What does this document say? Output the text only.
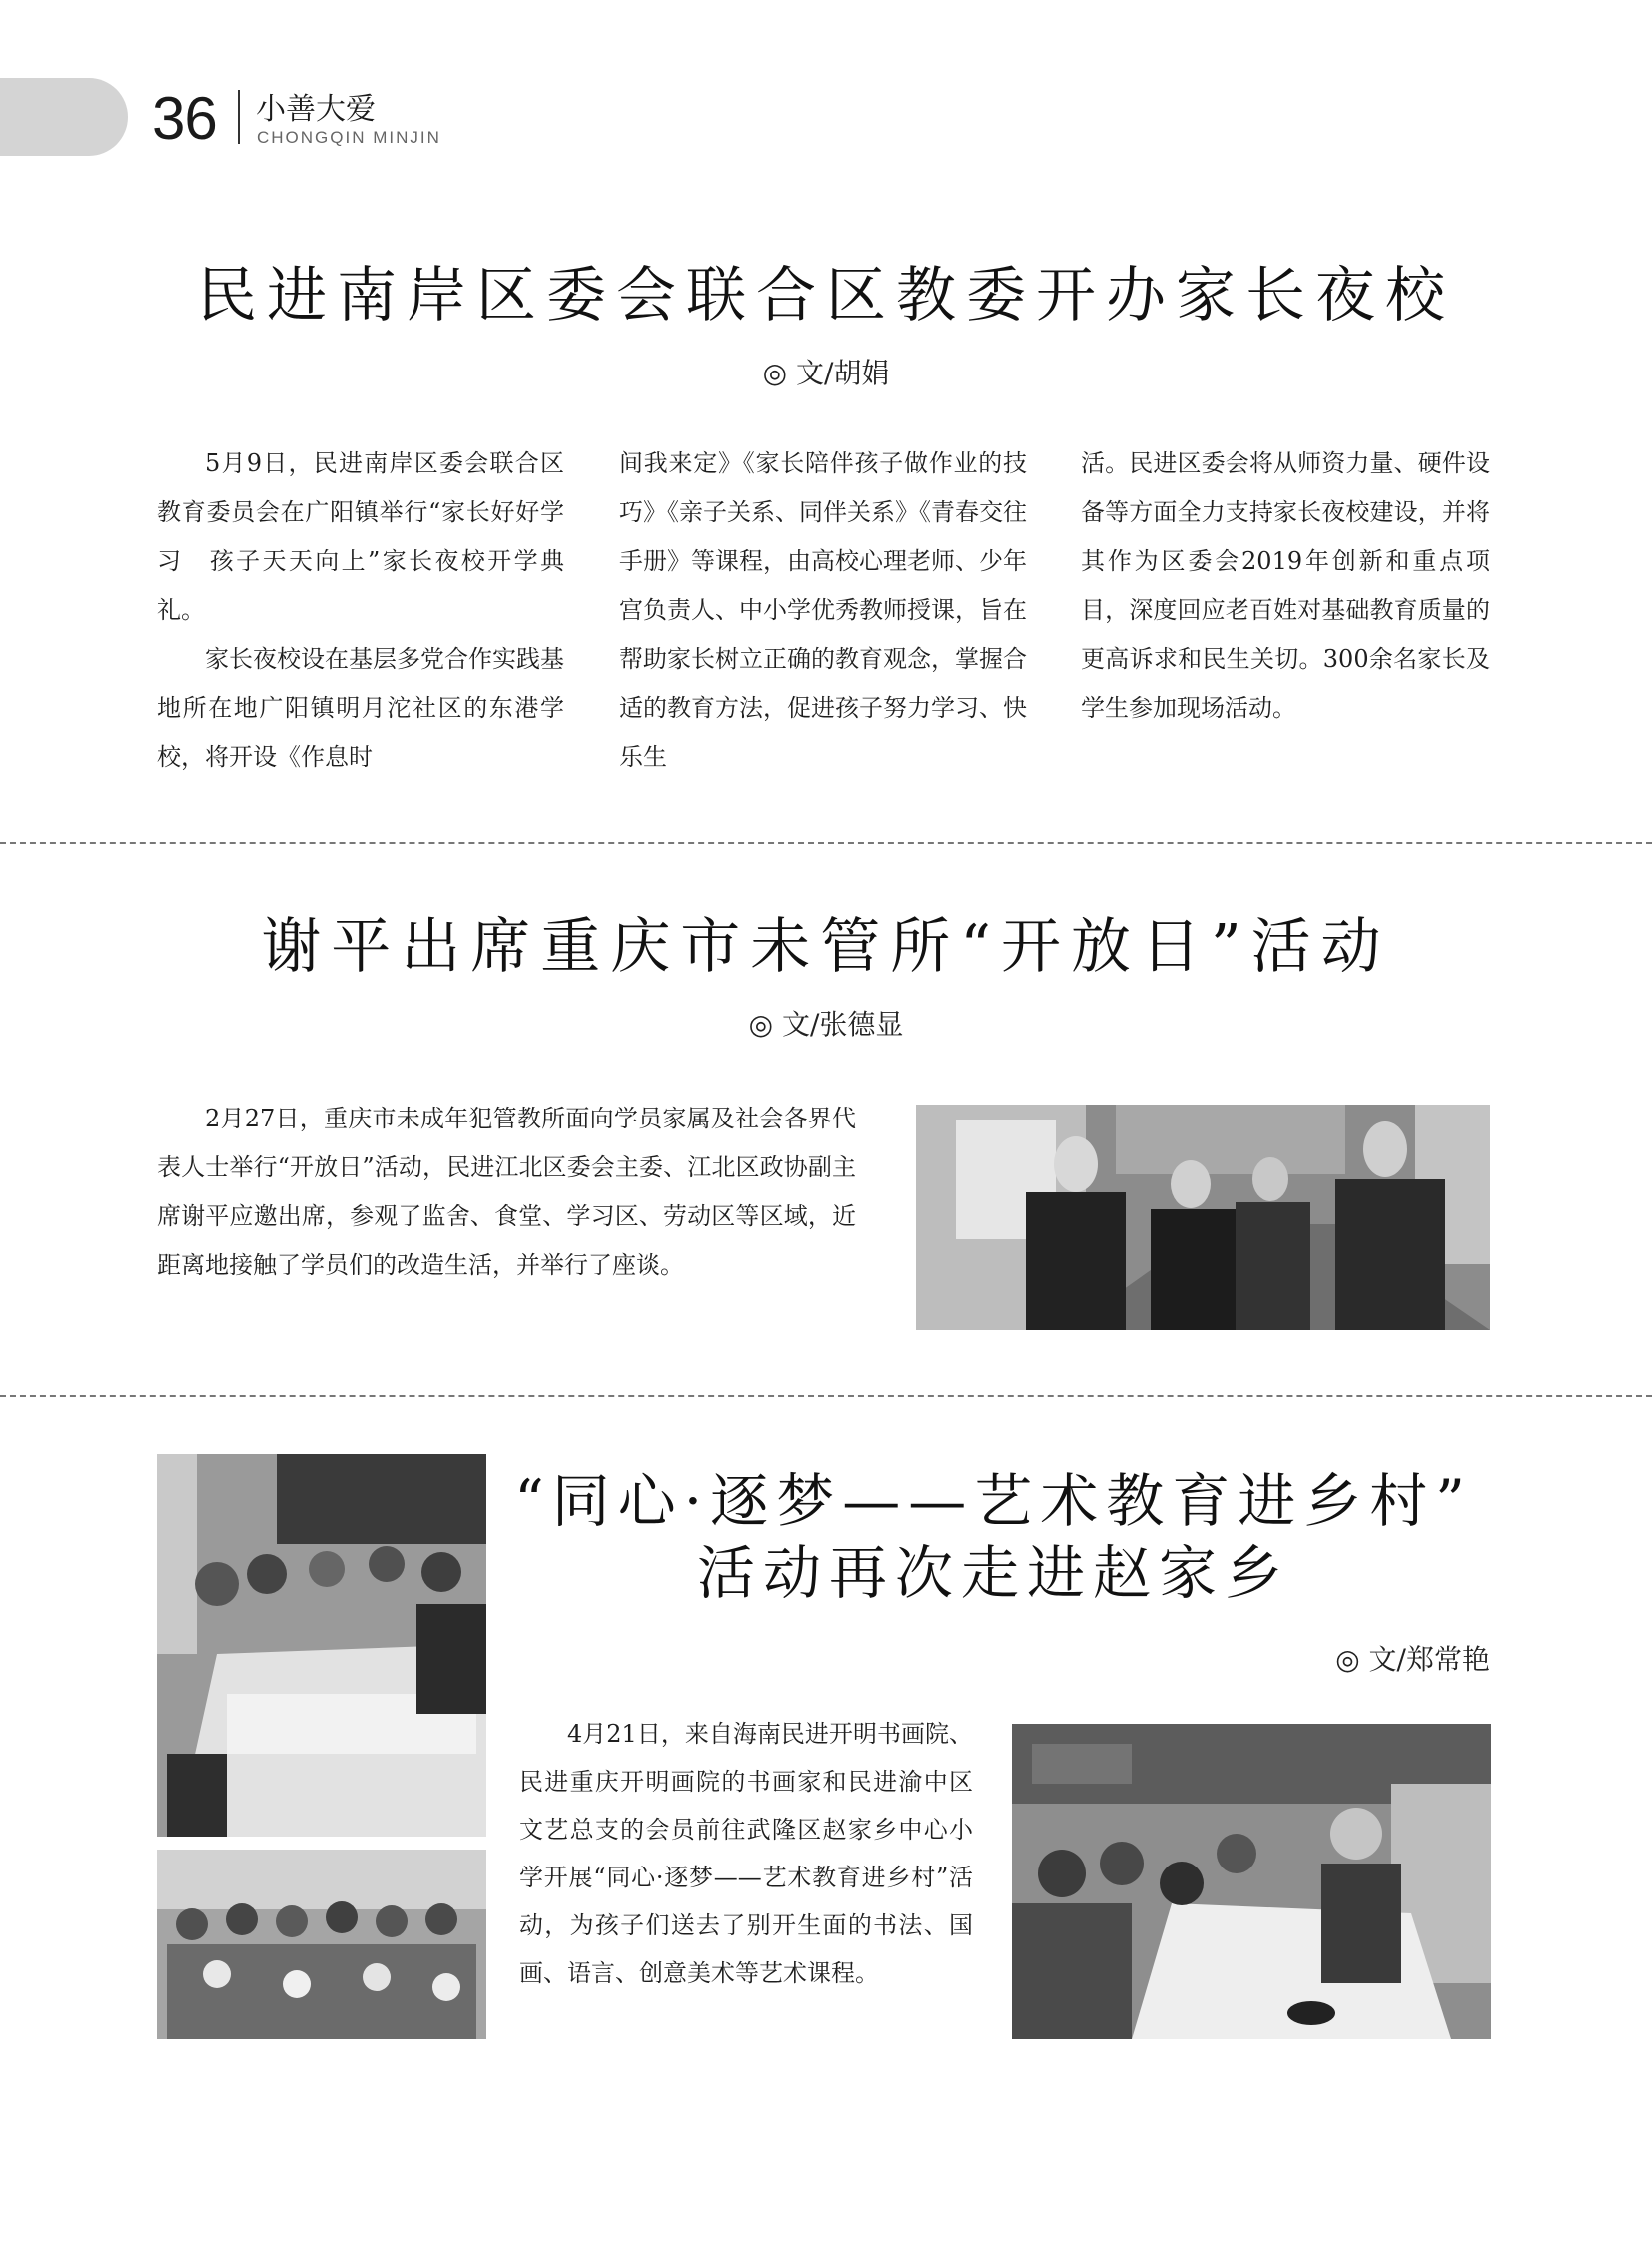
36 小善大爱
CHONGQIN MINJIN
民进南岸区委会联合区教委开办家长夜校
◎ 文/胡娟

5月9日，民进南岸区委会联合区教育委员会在广阳镇举行“家长好好学习　孩子天天向上”家长夜校开学典礼。

家长夜校设在基层多党合作实践基地所在地广阳镇明月沱社区的东港学校，将开设《作息时

间我来定》《家长陪伴孩子做作业的技巧》《亲子关系、同伴关系》《青春交往手册》等课程，由高校心理老师、少年宫负责人、中小学优秀教师授课，旨在帮助家长树立正确的教育观念，掌握合适的教育方法，促进孩子努力学习、快乐生

活。民进区委会将从师资力量、硬件设备等方面全力支持家长夜校建设，并将其作为区委会2019年创新和重点项目，深度回应老百姓对基础教育质量的更高诉求和民生关切。300余名家长及学生参加现场活动。

谢平出席重庆市未管所“开放日”活动
◎ 文/张德显

2月27日，重庆市未成年犯管教所面向学员家属及社会各界代表人士举行“开放日”活动，民进江北区委会主委、江北区政协副主席谢平应邀出席，参观了监舍、食堂、学习区、劳动区等区域，近距离地接触了学员们的改造生活，并举行了座谈。

“同心·逐梦——艺术教育进乡村”
活动再次走进赵家乡
◎ 文/郑常艳

4月21日，来自海南民进开明书画院、民进重庆开明画院的书画家和民进渝中区文艺总支的会员前往武隆区赵家乡中心小学开展“同心·逐梦——艺术教育进乡村”活动，为孩子们送去了别开生面的书法、国画、语言、创意美术等艺术课程。
